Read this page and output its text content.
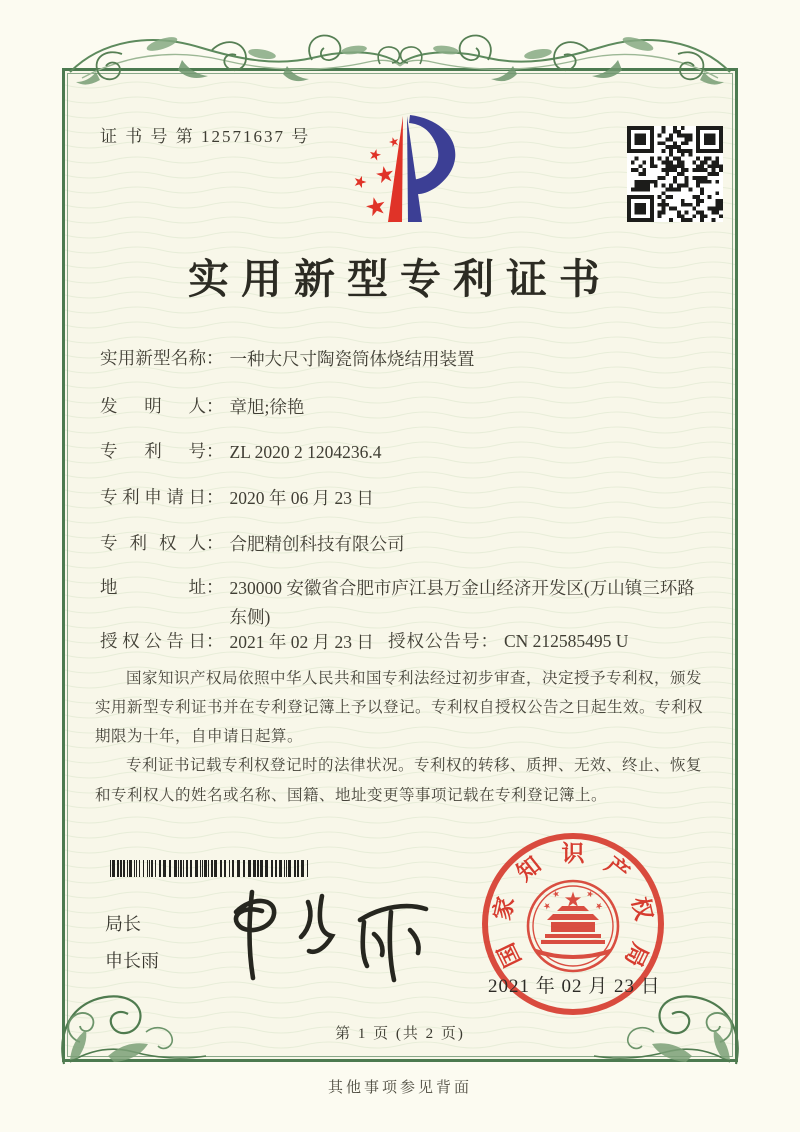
证 书 号 第 12571637 号
实用新型专利证书
实用新型名称： 一种大尺寸陶瓷筒体烧结用装置
发明人： 章旭;徐艳
专利号： ZL 2020 2 1204236.4
专利申请日： 2020 年 06 月 23 日
专利权人： 合肥精创科技有限公司
地址： 230000 安徽省合肥市庐江县万金山经济开发区(万山镇三环路东侧)
授权公告日： 2021 年 02 月 23 日 授权公告号： CN 212585495 U

国家知识产权局依照中华人民共和国专利法经过初步审查，决定授予专利权，颁发实用新型专利证书并在专利登记簿上予以登记。专利权自授权公告之日起生效。专利权期限为十年，自申请日起算。

专利证书记载专利权登记时的法律状况。专利权的转移、质押、无效、终止、恢复和专利权人的姓名或名称、国籍、地址变更等事项记载在专利登记簿上。

局长
申长雨	国
家
知 识 产
权
局
2021 年 02 月 23 日
第 1 页 (共 2 页)
其他事项参见背面
